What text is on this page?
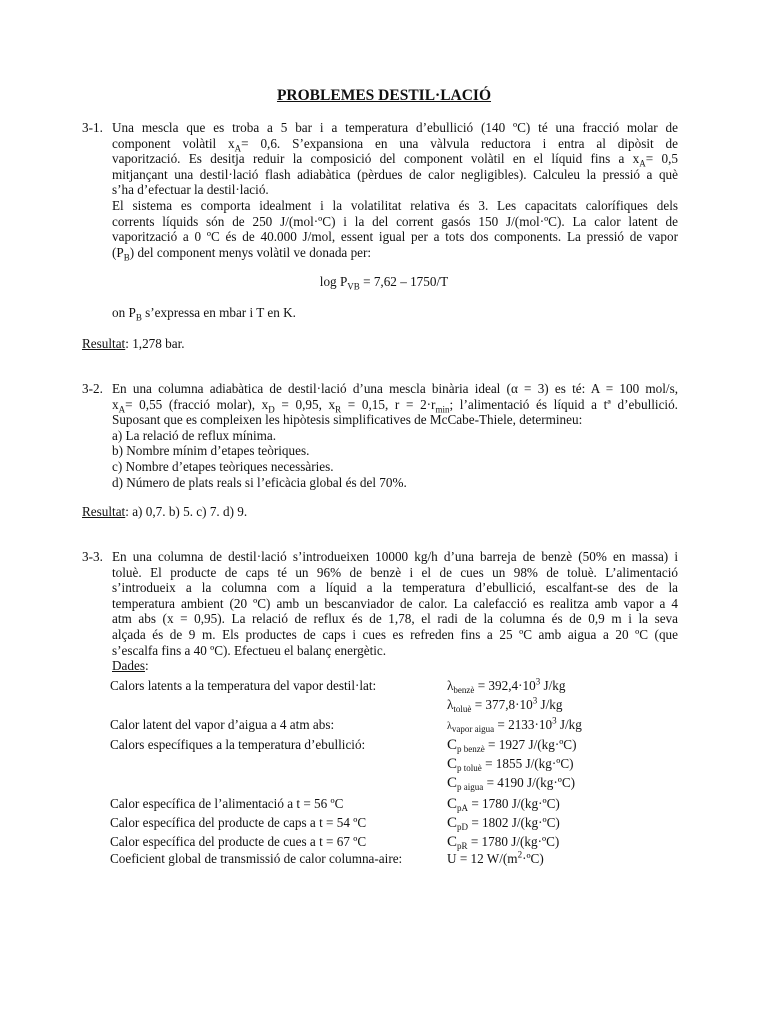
PROBLEMES DESTIL·LACIÓ
3-1. Una mescla que es troba a 5 bar i a temperatura d’ebullició (140 ºC) té una fracció molar de

component volàtil $x_A= 0,6$. S’expansiona en una vàlvula reductora i entra al dipòsit de

vaporització. Es desitja reduir la composició del component volàtil en el líquid fins a $x_A= 0,5$

mitjançant una destil·lació flash adiabàtica (pèrdues de calor negligibles). Calculeu la pressió a què

s’ha d’efectuar la destil·lació.

El sistema es comporta idealment i la volatilitat relativa és 3. Les capacitats calorífiques dels

corrents líquids són de 250 J/(mol·ºC) i la del corrent gasós 150 J/(mol·ºC). La calor latent de

vaporització a 0 ºC és de 40.000 J/mol, essent igual per a tots dos components. La pressió de vapor

$(P_B)$ del component menys volàtil ve donada per:

$\log P_{VB} = 7,62 - 1750/T$
on $P_B$ s’expressa en mbar i T en K.
Resultat: 1,278 bar.
3-2. En una columna adiabàtica de destil·lació d’una mescla binària ideal (α = 3) es té: A = 100 mol/s,

$x_A= 0,55$ (fracció molar), $x_D = 0,95$, $x_R = 0,15$, $r = 2\cdot r_{min}$; l’alimentació és líquid a tª d’ebullició.

Suposant que es compleixen les hipòtesis simplificatives de McCabe-Thiele, determineu:

a) La relació de reflux mínima.

b) Nombre mínim d’etapes teòriques.

c) Nombre d’etapes teòriques necessàries.

d) Número de plats reals si l’eficàcia global és del 70%.

Resultat: a) 0,7. b) 5. c) 7. d) 9.
3-3. En una columna de destil·lació s’introdueixen 10000 kg/h d’una barreja de benzè (50% en massa) i

toluè. El producte de caps té un 96% de benzè i el de cues un 98% de toluè. L’alimentació

s’introdueix a la columna com a líquid a la temperatura d’ebullició, escalfant-se des de la

temperatura ambient (20 ºC) amb un bescanviador de calor. La calefacció es realitza amb vapor a 4

atm abs (x = 0,95). La relació de reflux és de 1,78, el radi de la columna és de 0,9 m i la seva

alçada és de 9 m. Els productes de caps i cues es refreden fins a 25 ºC amb aigua a 20 ºC (que

s’escalfa fins a 40 ºC). Efectueu el balanç energètic.

Dades:

Calors latents a la temperatura del vapor destil·lat:	$\lambda_{benzè} = 392,4\cdot 10^3$ J/kg
$\lambda_{toluè} = 377,8\cdot 10^3$ J/kg
Calor latent del vapor d’aigua a 4 atm abs:	$\lambda_{vapor aigua} = 2133\cdot 10^3$ J/kg
Calors específiques a la temperatura d’ebullició:	$C_{p benzè} = 1927$ J/(kg·ºC)
$C_{p toluè} = 1855$ J/(kg·ºC)
$C_{p aigua} = 4190$ J/(kg·ºC)
Calor específica de l’alimentació a t = 56 ºC	$C_{pA} = 1780$ J/(kg·ºC)
Calor específica del producte de caps a t = 54 ºC	$C_{pD} = 1802$ J/(kg·ºC)
Calor específica del producte de cues a t = 67 ºC	$C_{pR} = 1780$ J/(kg·ºC)
Coeficient global de transmissió de calor columna-aire:	U = 12 $W/(m^2\cdot ºC)$
